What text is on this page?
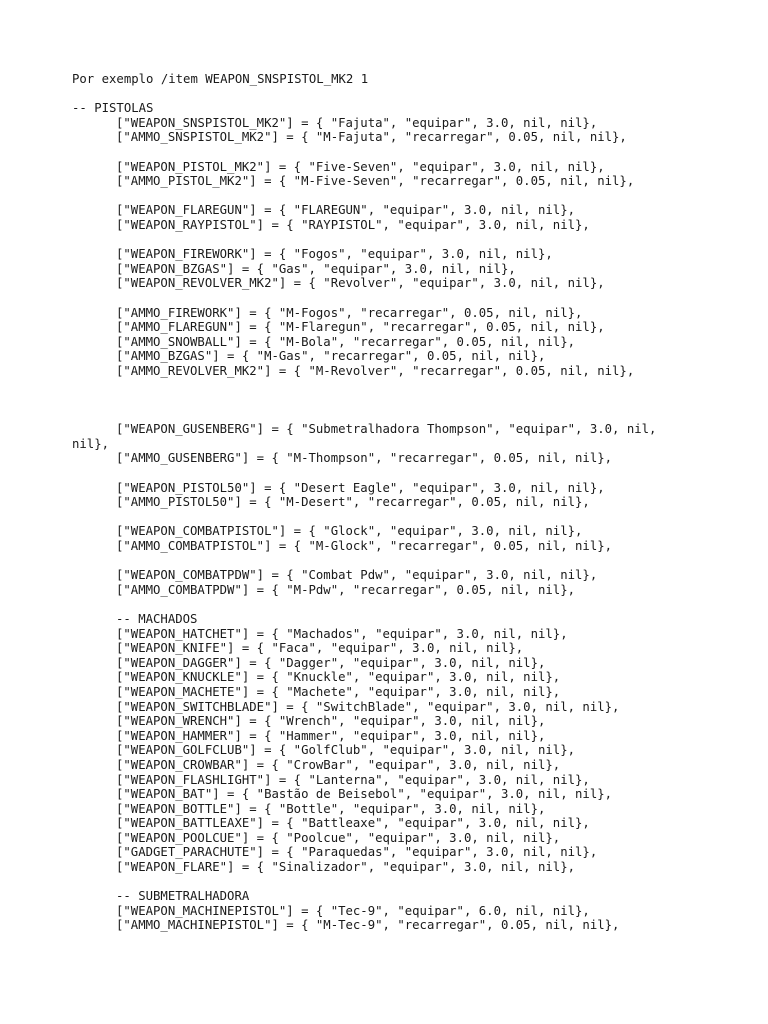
Por exemplo /item WEAPON_SNSPISTOL_MK2 1
-- PISTOLAS
["WEAPON_SNSPISTOL_MK2"] = { "Fajuta", "equipar", 3.0, nil, nil},
["AMMO_SNSPISTOL_MK2"] = { "M-Fajuta", "recarregar", 0.05, nil, nil},
["WEAPON_PISTOL_MK2"] = { "Five-Seven", "equipar", 3.0, nil, nil},
["AMMO_PISTOL_MK2"] = { "M-Five-Seven", "recarregar", 0.05, nil, nil},
["WEAPON_FLAREGUN"] = { "FLAREGUN", "equipar", 3.0, nil, nil},
["WEAPON_RAYPISTOL"] = { "RAYPISTOL", "equipar", 3.0, nil, nil},
["WEAPON_FIREWORK"] = { "Fogos", "equipar", 3.0, nil, nil},
["WEAPON_BZGAS"] = { "Gas", "equipar", 3.0, nil, nil},
["WEAPON_REVOLVER_MK2"] = { "Revolver", "equipar", 3.0, nil, nil},
["AMMO_FIREWORK"] = { "M-Fogos", "recarregar", 0.05, nil, nil},
["AMMO_FLAREGUN"] = { "M-Flaregun", "recarregar", 0.05, nil, nil},
["AMMO_SNOWBALL"] = { "M-Bola", "recarregar", 0.05, nil, nil},
["AMMO_BZGAS"] = { "M-Gas", "recarregar", 0.05, nil, nil},
["AMMO_REVOLVER_MK2"] = { "M-Revolver", "recarregar", 0.05, nil, nil},
["WEAPON_GUSENBERG"] = { "Submetralhadora Thompson", "equipar", 3.0, nil,
nil},
["AMMO_GUSENBERG"] = { "M-Thompson", "recarregar", 0.05, nil, nil},
["WEAPON_PISTOL50"] = { "Desert Eagle", "equipar", 3.0, nil, nil},
["AMMO_PISTOL50"] = { "M-Desert", "recarregar", 0.05, nil, nil},
["WEAPON_COMBATPISTOL"] = { "Glock", "equipar", 3.0, nil, nil},
["AMMO_COMBATPISTOL"] = { "M-Glock", "recarregar", 0.05, nil, nil},
["WEAPON_COMBATPDW"] = { "Combat Pdw", "equipar", 3.0, nil, nil},
["AMMO_COMBATPDW"] = { "M-Pdw", "recarregar", 0.05, nil, nil},
-- MACHADOS
["WEAPON_HATCHET"] = { "Machados", "equipar", 3.0, nil, nil},
["WEAPON_KNIFE"] = { "Faca", "equipar", 3.0, nil, nil},
["WEAPON_DAGGER"] = { "Dagger", "equipar", 3.0, nil, nil},
["WEAPON_KNUCKLE"] = { "Knuckle", "equipar", 3.0, nil, nil},
["WEAPON_MACHETE"] = { "Machete", "equipar", 3.0, nil, nil},
["WEAPON_SWITCHBLADE"] = { "SwitchBlade", "equipar", 3.0, nil, nil},
["WEAPON_WRENCH"] = { "Wrench", "equipar", 3.0, nil, nil},
["WEAPON_HAMMER"] = { "Hammer", "equipar", 3.0, nil, nil},
["WEAPON_GOLFCLUB"] = { "GolfClub", "equipar", 3.0, nil, nil},
["WEAPON_CROWBAR"] = { "CrowBar", "equipar", 3.0, nil, nil},
["WEAPON_FLASHLIGHT"] = { "Lanterna", "equipar", 3.0, nil, nil},
["WEAPON_BAT"] = { "Bastão de Beisebol", "equipar", 3.0, nil, nil},
["WEAPON_BOTTLE"] = { "Bottle", "equipar", 3.0, nil, nil},
["WEAPON_BATTLEAXE"] = { "Battleaxe", "equipar", 3.0, nil, nil},
["WEAPON_POOLCUE"] = { "Poolcue", "equipar", 3.0, nil, nil},
["GADGET_PARACHUTE"] = { "Paraquedas", "equipar", 3.0, nil, nil},
["WEAPON_FLARE"] = { "Sinalizador", "equipar", 3.0, nil, nil},
-- SUBMETRALHADORA
["WEAPON_MACHINEPISTOL"] = { "Tec-9", "equipar", 6.0, nil, nil},
["AMMO_MACHINEPISTOL"] = { "M-Tec-9", "recarregar", 0.05, nil, nil},
